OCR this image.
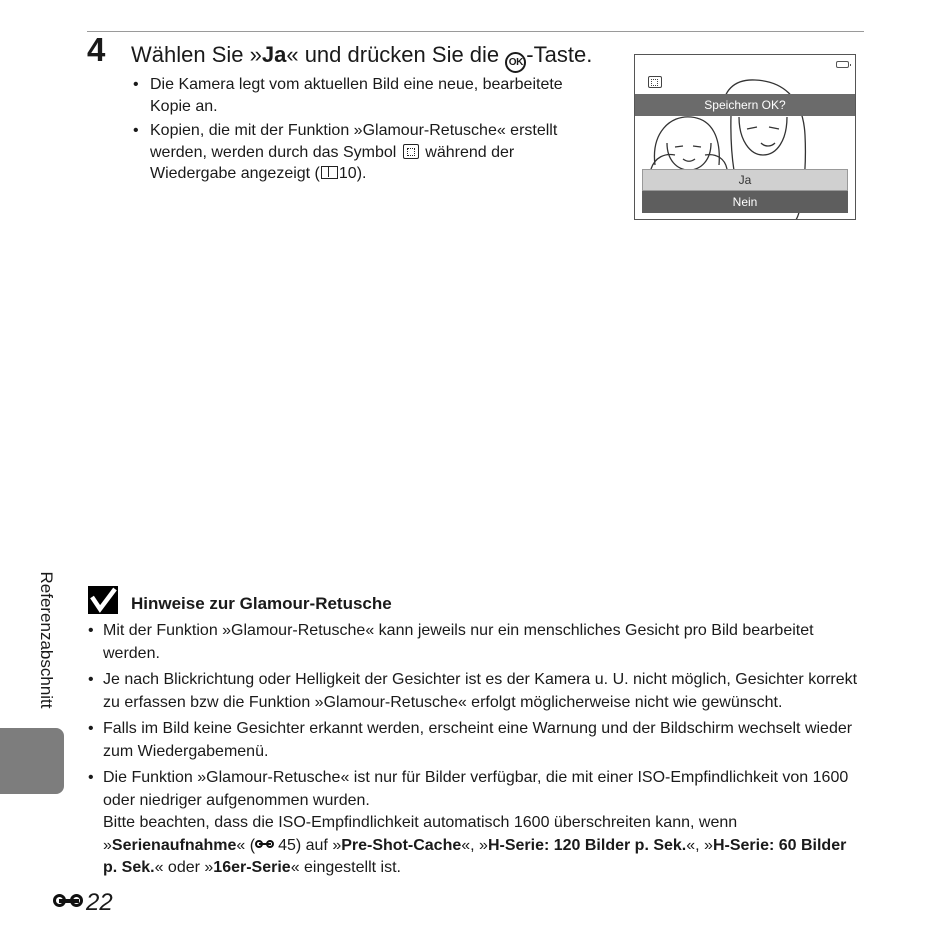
4 Wählen Sie »Ja« und drücken Sie die OK -Taste.
• Die Kamera legt vom aktuellen Bild eine neue, bearbeitete Kopie an.
• Kopien, die mit der Funktion »Glamour-Retusche« erstellt werden, werden durch das Symbol während der Wiedergabe angezeigt ( 10).
Speichern OK?
Ja
Nein
Referenzabschnitt	Hinweise zur Glamour-Retusche
• Mit der Funktion »Glamour-Retusche« kann jeweils nur ein menschliches Gesicht pro Bild bearbeitet werden.
• Je nach Blickrichtung oder Helligkeit der Gesichter ist es der Kamera u. U. nicht möglich, Gesichter korrekt zu erfassen bzw die Funktion »Glamour-Retusche« erfolgt möglicherweise nicht wie gewünscht.
• Falls im Bild keine Gesichter erkannt werden, erscheint eine Warnung und der Bildschirm wechselt wieder zum Wiedergabemenü.
• Die Funktion »Glamour-Retusche« ist nur für Bilder verfügbar, die mit einer ISO-Empfindlichkeit von 1600 oder niedriger aufgenommen wurden.
Bitte beachten, dass die ISO-Empfindlichkeit automatisch 1600 überschreiten kann, wenn »Serienaufnahme« ( 45) auf »Pre-Shot-Cache«, »H-Serie: 120 Bilder p. Sek.«, »H-Serie: 60 Bilder p. Sek.« oder »16er-Serie« eingestellt ist.
22
